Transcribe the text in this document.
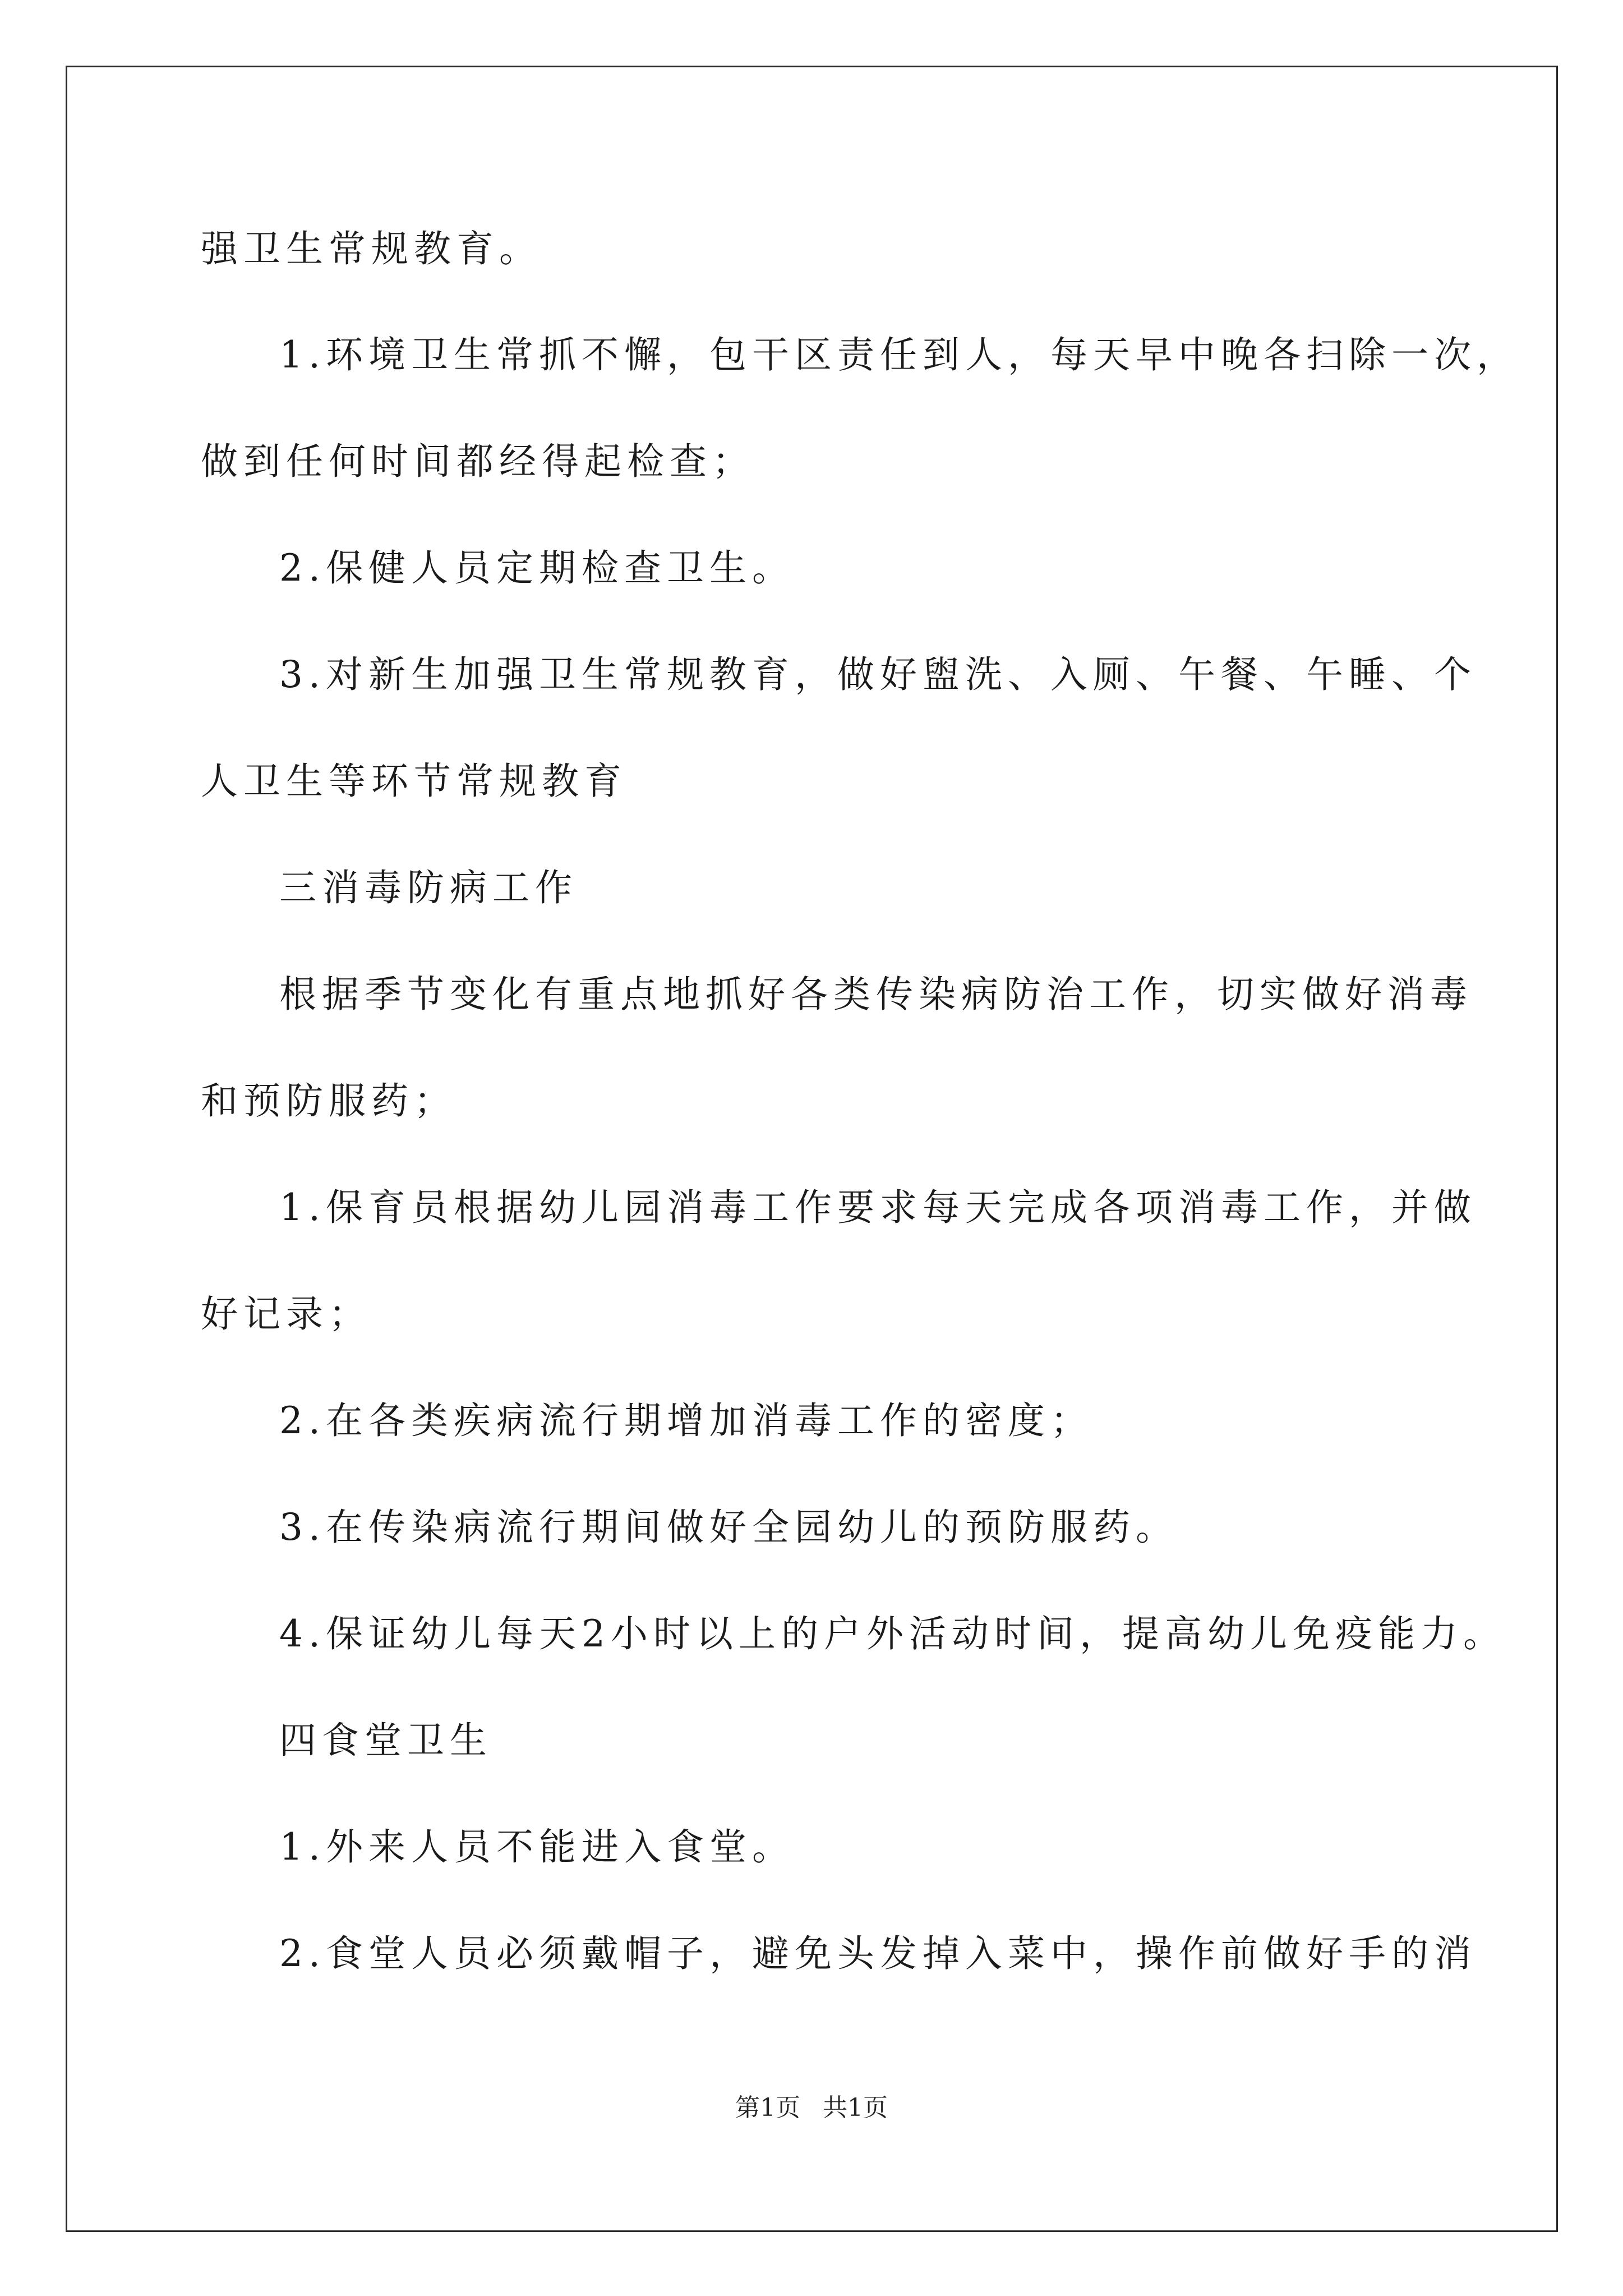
强卫生常规教育。
1.环境卫生常抓不懈，包干区责任到人，每天早中晚各扫除一次，
做到任何时间都经得起检查；
2.保健人员定期检查卫生。
3.对新生加强卫生常规教育，做好盥洗、入厕、午餐、午睡、个
人卫生等环节常规教育
三消毒防病工作
根据季节变化有重点地抓好各类传染病防治工作，切实做好消毒
和预防服药；
1.保育员根据幼儿园消毒工作要求每天完成各项消毒工作，并做
好记录；
2.在各类疾病流行期增加消毒工作的密度；
3.在传染病流行期间做好全园幼儿的预防服药。
4.保证幼儿每天2小时以上的户外活动时间，提高幼儿免疫能力。
四食堂卫生
1.外来人员不能进入食堂。
2.食堂人员必须戴帽子，避免头发掉入菜中，操作前做好手的消
第1页 共1页
